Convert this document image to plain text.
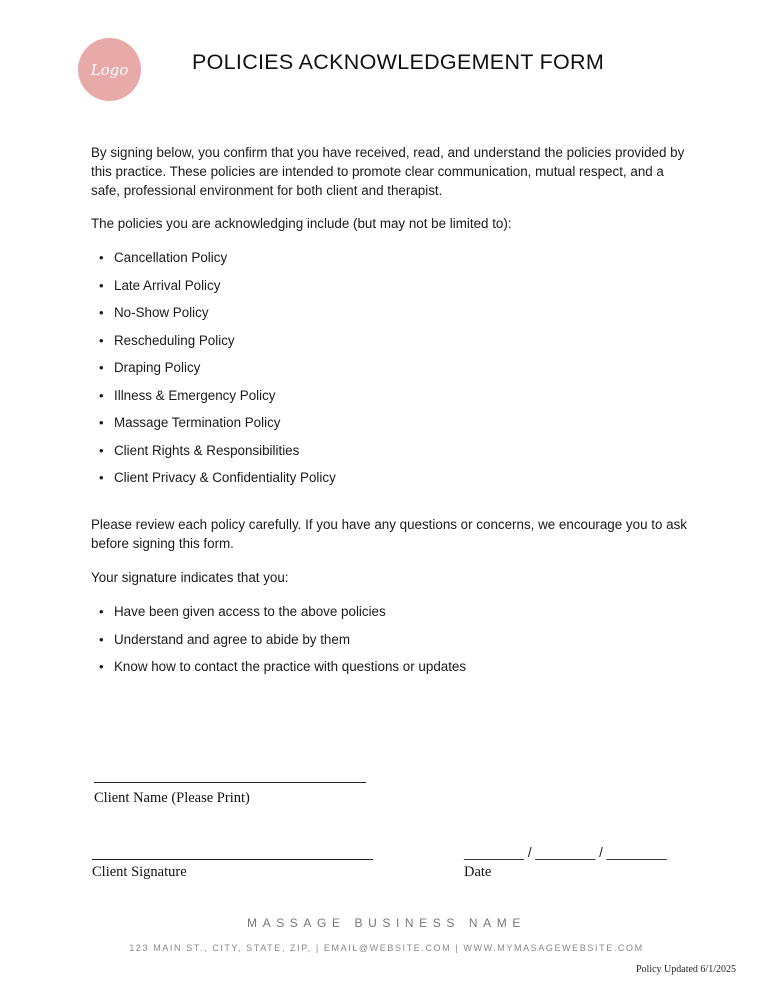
Logo	POLICIES ACKNOWLEDGEMENT FORM

By signing below, you confirm that you have received, read, and understand the policies provided by this practice. These policies are intended to promote clear communication, mutual respect, and a safe, professional environment for both client and therapist.

The policies you are acknowledging include (but may not be limited to):

• Cancellation Policy
• Late Arrival Policy
• No-Show Policy
• Rescheduling Policy
• Draping Policy
• Illness & Emergency Policy
• Massage Termination Policy
• Client Rights & Responsibilities
• Client Privacy & Confidentiality Policy

Please review each policy carefully. If you have any questions or concerns, we encourage you to ask before signing this form.

Your signature indicates that you:

• Have been given access to the above policies
• Understand and agree to abide by them
• Know how to contact the practice with questions or updates
Client Name (Please Print)
Client Signature
________ / ________ / ________
Date
MASSAGE BUSINESS NAME
123 MAIN ST., CITY, STATE, ZIP, | EMAIL@WEBSITE.COM | WWW.MYMASAGEWEBSITE.COM
Policy Updated 6/1/2025
